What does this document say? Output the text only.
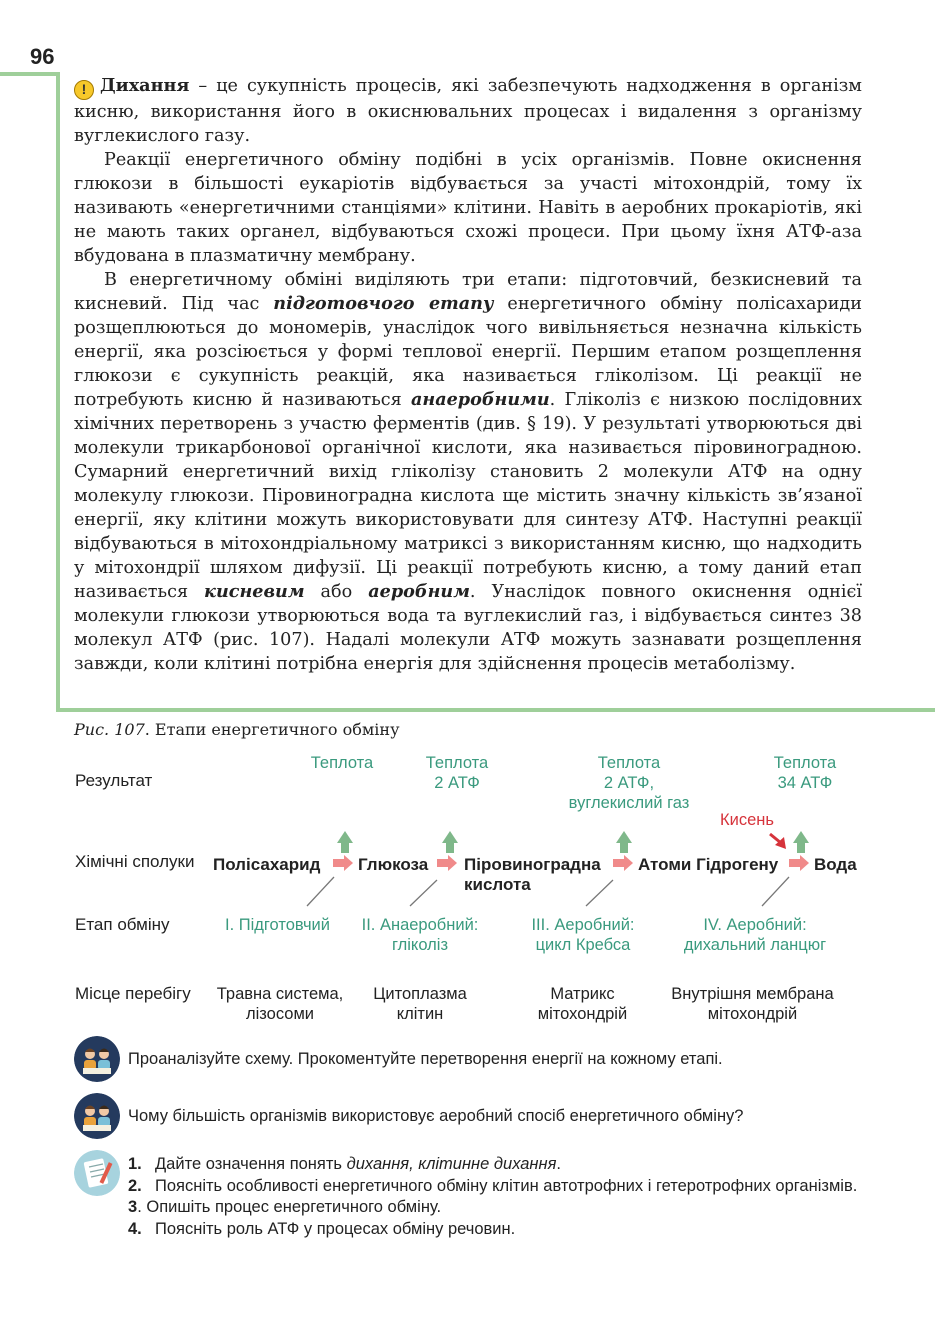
96

! Дихання – це сукупність процесів, які забезпечують надходження в організм кисню, використання його в окиснювальних процесах і видалення з організму вуглекислого газу.

Реакції енергетичного обміну подібні в усіх організмів. Повне окиснення глюкози в більшості еукаріотів відбувається за участі мітохондрій, тому їх називають «енергетичними станціями» клітини. Навіть в аеробних прокаріотів, які не мають таких органел, відбуваються схожі процеси. При цьому їхня АТФ-аза вбудована в плазматичну мембрану.

В енергетичному обміні виділяють три етапи: підготовчий, безкисневий та кисневий. Під час підготовчого етапу енергетичного обміну полісахариди розщеплюються до мономерів, унаслідок чого вивільняється незначна кількість енергії, яка розсіюється у формі теплової енергії. Першим етапом розщеплення глюкози є сукупність реакцій, яка називається гліколізом. Ці реакції не потребують кисню й називаються анаеробними. Гліколіз є низкою послідовних хімічних перетворень з участю ферментів (див. § 19). У результаті утворюються дві молекули трикарбонової органічної кислоти, яка називається піровиноградною. Сумарний енергетичний вихід гліколізу становить 2 молекули АТФ на одну молекулу глюкози. Піровиноградна кислота ще містить значну кількість зв’язаної енергії, яку клітини можуть використовувати для синтезу АТФ. Наступні реакції відбуваються в мітохондріальному матриксі з використанням кисню, що надходить у мітохондрії шляхом дифузії. Ці реакції потребують кисню, а тому даний етап називається кисневим або аеробним. Унаслідок повного окиснення однієї молекули глюкози утворюються вода та вуглекислий газ, і відбувається синтез 38 молекул АТФ (рис. 107). Надалі молекули АТФ можуть зазнавати розщеплення завжди, коли клітині потрібна енергія для здійснення процесів метаболізму.

Рис. 107. Етапи енергетичного обміну
Результат
Хімічні сполуки
Етап обміну
Місце перебігу
Теплота	Теплота
2 АТФ
Теплота
2 АТФ,
вуглекислий газ
Теплота
34 АТФ
Кисень
Полісахарид Глюкоза Піровиноградна
кислота
Атоми Гідрогену Вода
I. Підготовчий	II. Анаеробний:
гліколіз
III. Аеробний:
цикл Кребса
IV. Аеробний:
дихальний ланцюг
Травна система,
лізосоми
Цитоплазма
клітин
Матрикс
мітохондрій
Внутрішня мембрана
мітохондрій
Проаналізуйте схему. Прокоментуйте перетворення енергії на кожному етапі.
Чому більшість організмів використовує аеробний спосіб енергетичного обміну?
1. Дайте означення понять дихання, клітинне дихання.
2. Поясніть особливості енергетичного обміну клітин автотрофних і гетеротрофних організмів.
3 . Опишіть процес енергетичного обміну.
4. Поясніть роль АТФ у процесах обміну речовин.
